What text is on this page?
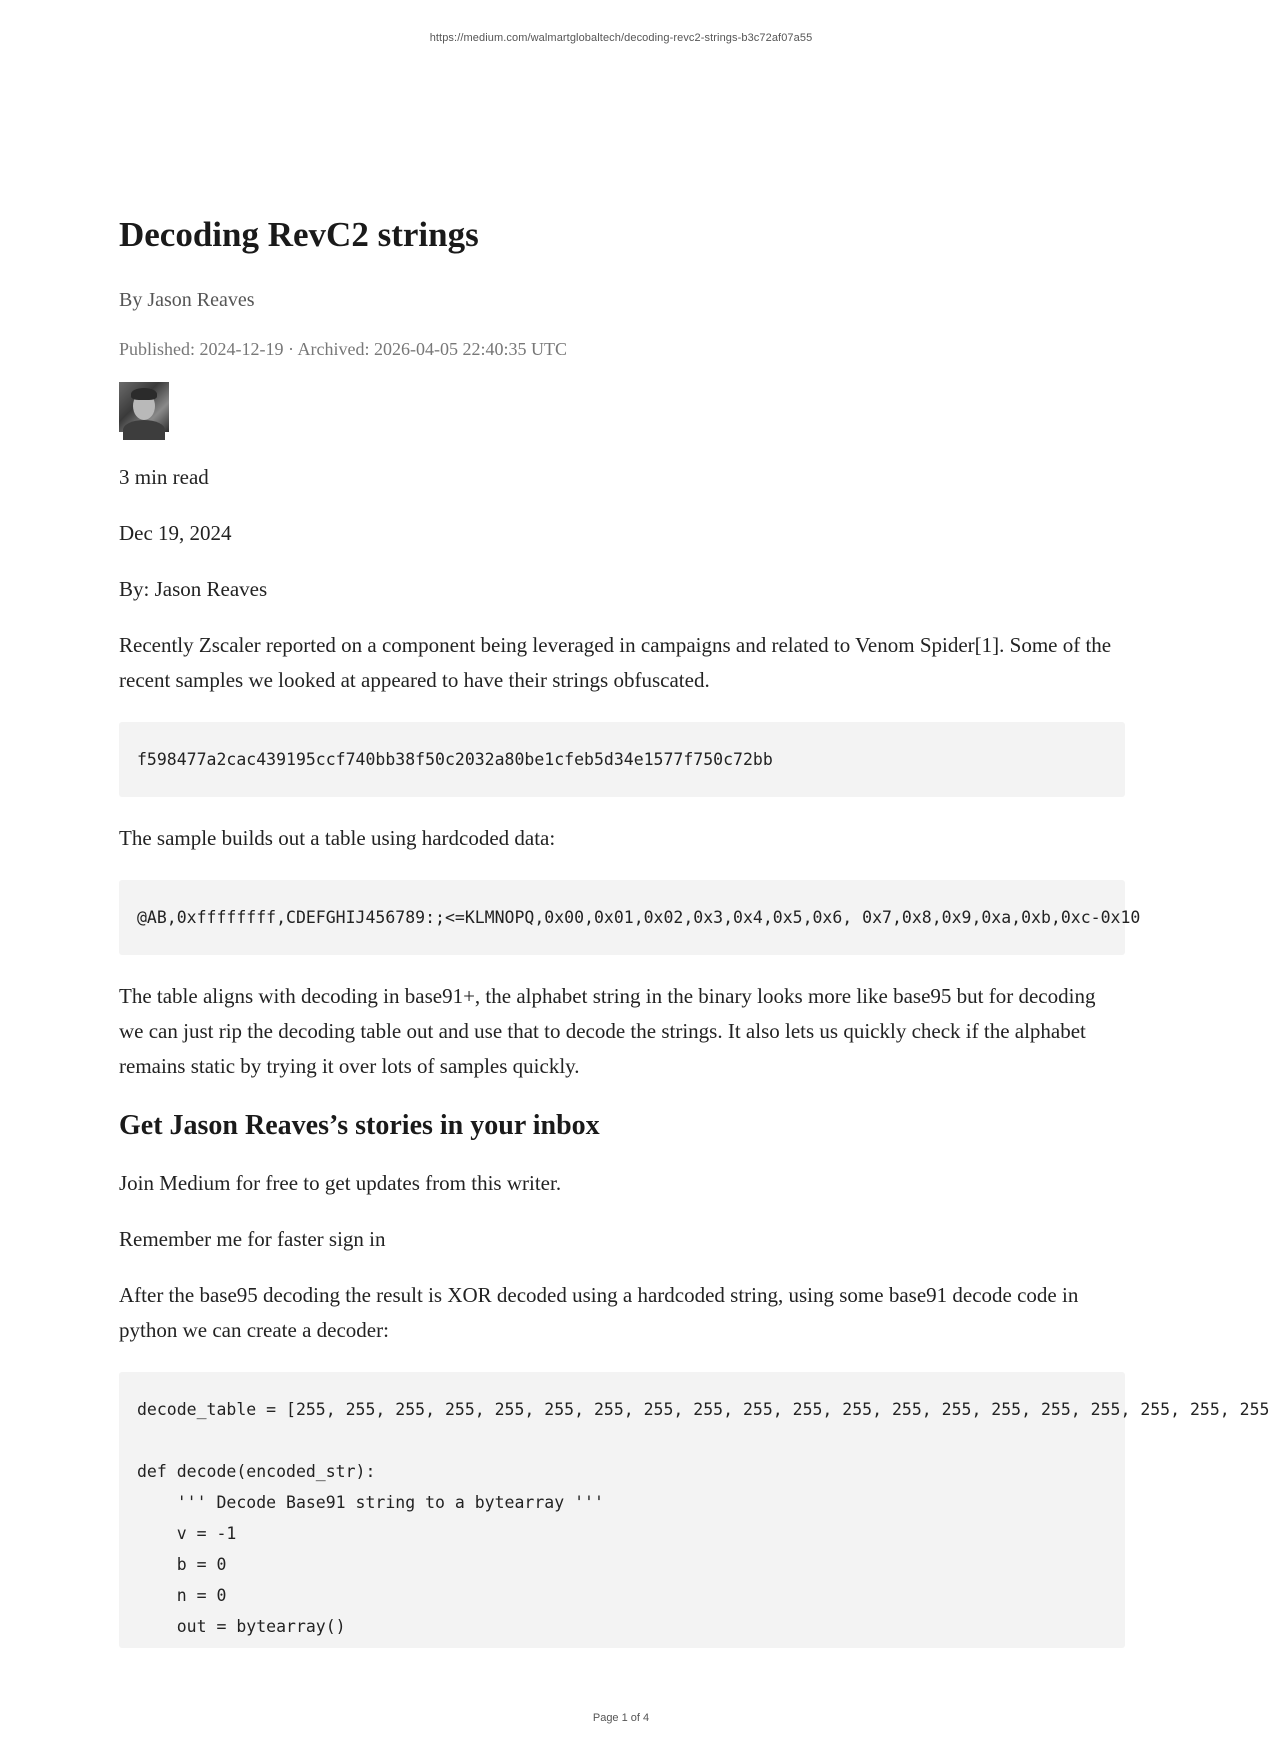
https://medium.com/walmartglobaltech/decoding-revc2-strings-b3c72af07a55
Decoding RevC2 strings
By Jason Reaves
Published: 2024-12-19 · Archived: 2026-04-05 22:40:35 UTC

3 min read

Dec 19, 2024

By: Jason Reaves

Recently Zscaler reported on a component being leveraged in campaigns and related to Venom Spider[1]. Some of the recent samples we looked at appeared to have their strings obfuscated.

f598477a2cac439195ccf740bb38f50c2032a80be1cfeb5d34e1577f750c72bb

The sample builds out a table using hardcoded data:

@AB,0xffffffff,CDEFGHIJ456789:;<=KLMNOPQ,0x00,0x01,0x02,0x3,0x4,0x5,0x6, 0x7,0x8,0x9,0xa,0xb,0xc-0x10

The table aligns with decoding in base91+, the alphabet string in the binary looks more like base95 but for decoding we can just rip the decoding table out and use that to decode the strings. It also lets us quickly check if the alphabet remains static by trying it over lots of samples quickly.

Get Jason Reaves’s stories in your inbox

Join Medium for free to get updates from this writer.

Remember me for faster sign in

After the base95 decoding the result is XOR decoded using a hardcoded string, using some base91 decode code in python we can create a decoder:

decode_table = [255, 255, 255, 255, 255, 255, 255, 255, 255, 255, 255, 255, 255, 255, 255, 255, 255, 255, 255, 255

def decode(encoded_str):
''' Decode Base91 string to a bytearray '''
v = -1
b = 0
n = 0
out = bytearray()
Page 1 of 4
